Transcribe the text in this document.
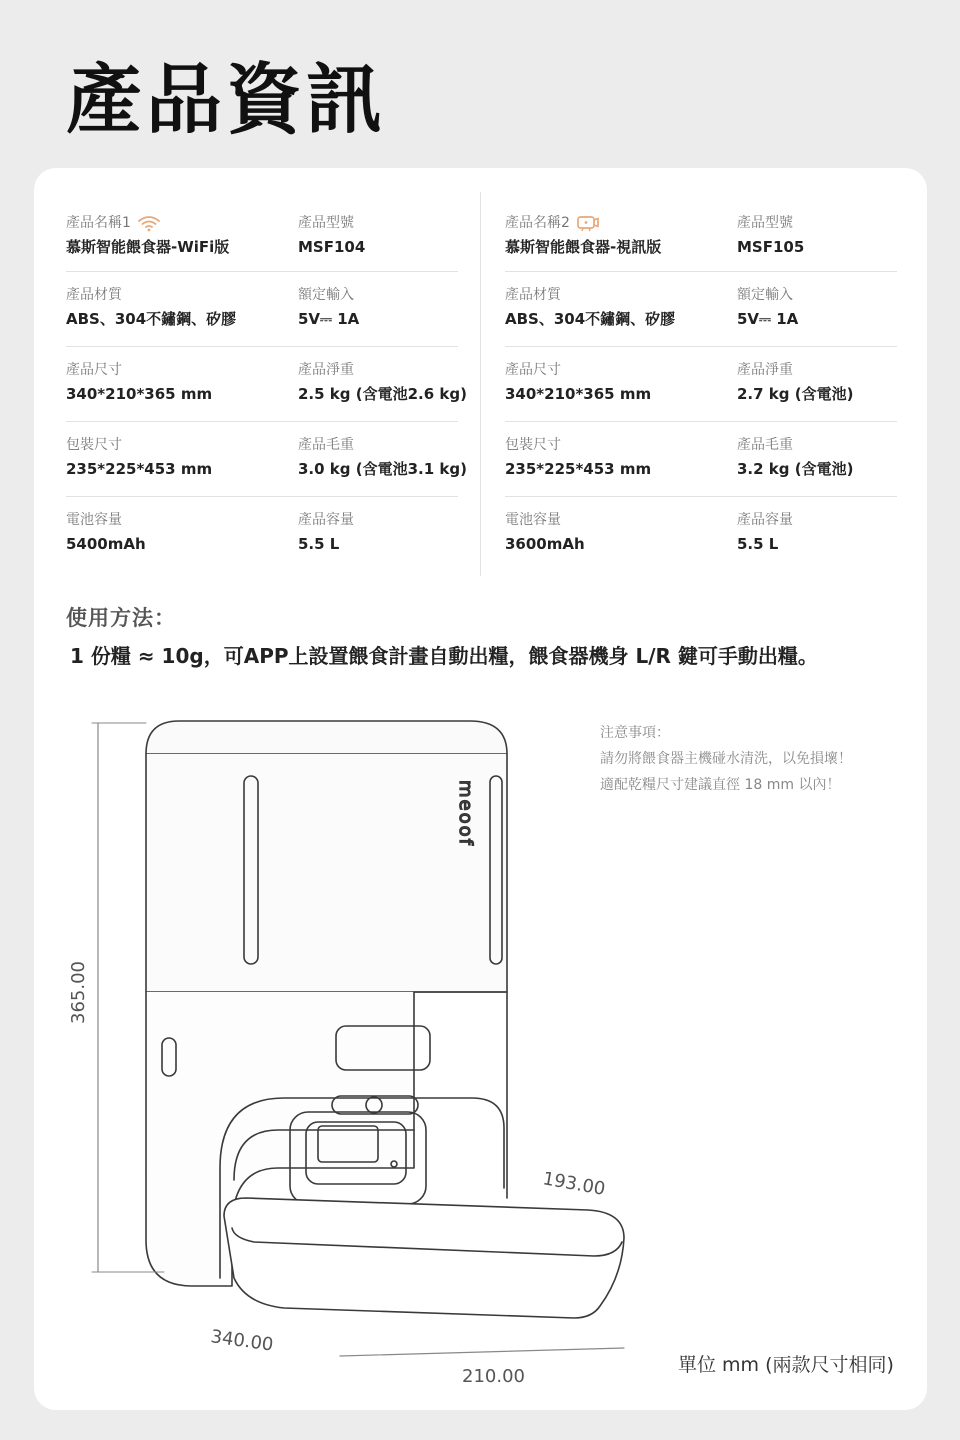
產品資訊
產品名稱1
慕斯智能餵食器-WiFi版
產品型號
MSF104
產品材質
ABS、304不鏽鋼、矽膠
額定輸入
5V⎓ 1A
產品尺寸
340*210*365 mm
產品淨重
2.5 kg (含電池2.6 kg)
包裝尺寸
235*225*453 mm
產品毛重
3.0 kg (含電池3.1 kg)
電池容量
5400mAh
產品容量
5.5 L
產品名稱2
慕斯智能餵食器-視訊版
產品型號
MSF105
產品材質
ABS、304不鏽鋼、矽膠
額定輸入
5V⎓ 1A
產品尺寸
340*210*365 mm
產品淨重
2.7 kg (含電池)
包裝尺寸
235*225*453 mm
產品毛重
3.2 kg (含電池)
電池容量
3600mAh
產品容量
5.5 L
使用方法：
1 份糧 ≈ 10g，可APP上設置餵食計畫自動出糧，餵食器機身 L/R 鍵可手動出糧。
meoof
365.00
340.00
210.00
193.00
注意事項：
請勿將餵食器主機碰水清洗，以免損壞！
適配乾糧尺寸建議直徑 18 mm 以內！
單位 mm (兩款尺寸相同)
